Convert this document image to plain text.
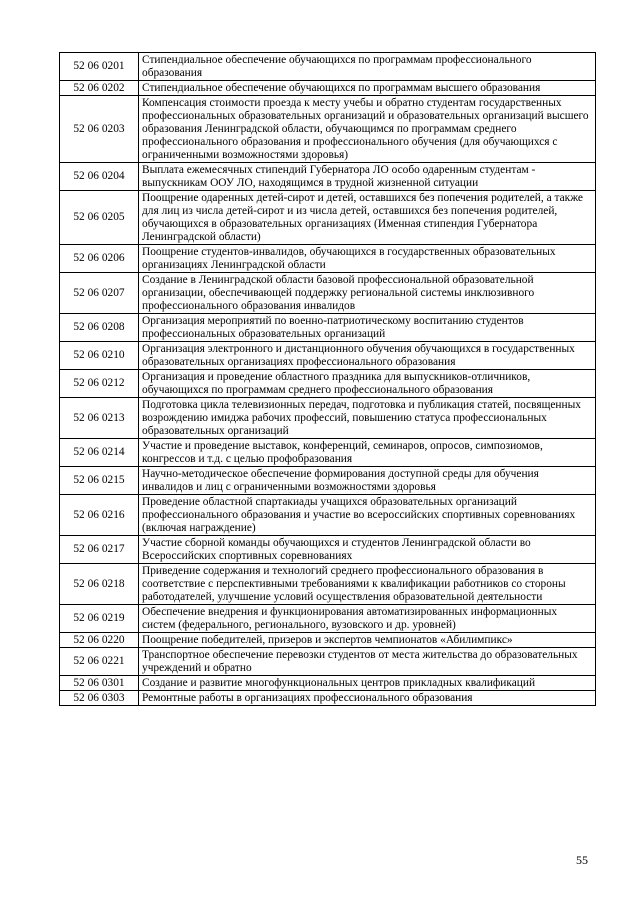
52 06 0201	Стипендиальное обеспечение обучающихся по программам профессионального образования
52 06 0202	Стипендиальное обеспечение обучающихся по программам высшего образования
52 06 0203	Компенсация стоимости проезда к месту учебы и обратно студентам государственных профессиональных образовательных организаций и образовательных организаций высшего образования Ленинградской области, обучающимся по программам среднего профессионального образования и профессионального обучения (для обучающихся с ограниченными возможностями здоровья)
52 06 0204	Выплата ежемесячных стипендий Губернатора ЛО особо одаренным студентам - выпускникам ООУ ЛО, находящимся в трудной жизненной ситуации
52 06 0205	Поощрение одаренных детей-сирот и детей, оставшихся без попечения родителей, а также для лиц из числа детей-сирот и из числа детей, оставшихся без попечения родителей, обучающихся в образовательных организациях (Именная стипендия Губернатора Ленинградской области)
52 06 0206	Поощрение студентов-инвалидов, обучающихся в государственных образовательных организациях Ленинградской области
52 06 0207	Создание в Ленинградской области базовой профессиональной образовательной организации, обеспечивающей поддержку региональной системы инклюзивного профессионального образования инвалидов
52 06 0208	Организация мероприятий по военно-патриотическому воспитанию студентов профессиональных образовательных организаций
52 06 0210	Организация электронного и дистанционного обучения обучающихся в государственных образовательных организациях профессионального образования
52 06 0212	Организация и проведение областного праздника для выпускников-отличников, обучающихся по программам среднего профессионального образования
52 06 0213	Подготовка цикла телевизионных передач, подготовка и публикация статей, посвященных возрождению имиджа рабочих профессий, повышению статуса профессиональных образовательных организаций
52 06 0214	Участие и проведение выставок, конференций, семинаров, опросов, симпозиомов, конгрессов и т.д. с целью профобразования
52 06 0215	Научно-методическое обеспечение формирования доступной среды для обучения инвалидов и лиц с ограниченными возможностями здоровья
52 06 0216	Проведение областной спартакиады учащихся образовательных организаций профессионального образования и участие во всероссийских спортивных соревнованиях (включая награждение)
52 06 0217	Участие сборной команды обучающихся и студентов Ленинградской области во Всероссийских спортивных соревнованиях
52 06 0218	Приведение содержания и технологий среднего профессионального образования в соответствие с перспективными требованиями к квалификации работников со стороны работодателей, улучшение условий осуществления образовательной деятельности
52 06 0219	Обеспечение внедрения и функционирования автоматизированных информационных систем (федерального, регионального, вузовского и др. уровней)
52 06 0220	Поощрение победителей, призеров и экспертов чемпионатов «Абилимпикс»
52 06 0221	Транспортное обеспечение перевозки студентов от места жительства до образовательных учреждений и обратно
52 06 0301	Создание и развитие многофункциональных центров прикладных квалификаций
52 06 0303	Ремонтные работы в организациях профессионального образования
55
